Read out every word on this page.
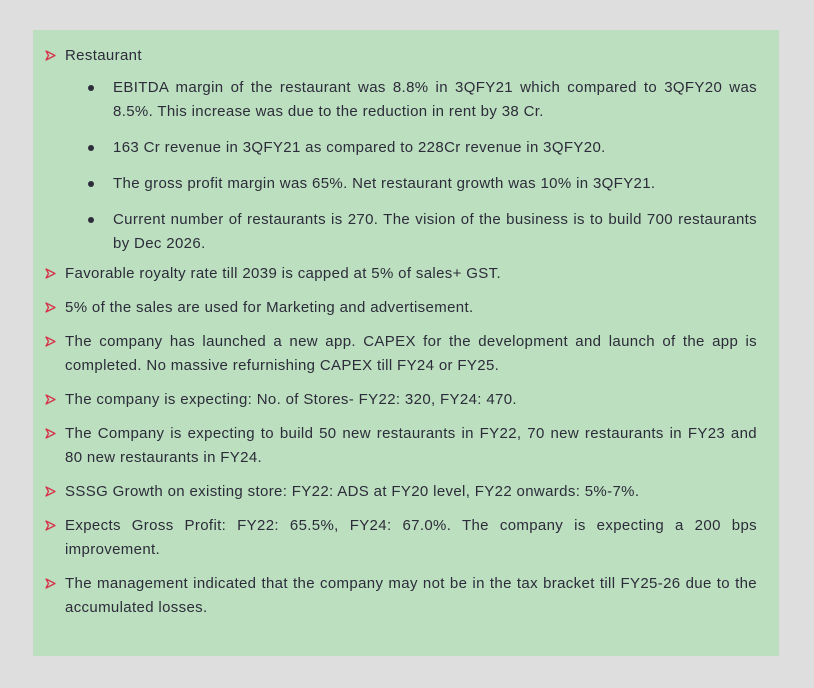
Restaurant
EBITDA margin of the restaurant was 8.8% in 3QFY21 which compared to 3QFY20 was 8.5%. This increase was due to the reduction in rent by 38 Cr.
163 Cr revenue in 3QFY21 as compared to 228Cr revenue in 3QFY20.
The gross profit margin was 65%. Net restaurant growth was 10% in 3QFY21.
Current number of restaurants is 270. The vision of the business is to build 700 restaurants by Dec 2026.
Favorable royalty rate till 2039 is capped at 5% of sales+ GST.
5% of the sales are used for Marketing and advertisement.
The company has launched a new app. CAPEX for the development and launch of the app is completed. No massive refurnishing CAPEX till FY24 or FY25.
The company is expecting: No. of Stores- FY22: 320, FY24: 470.
The Company is expecting to build 50 new restaurants in FY22, 70 new restaurants in FY23 and 80 new restaurants in FY24.
SSSG Growth on existing store: FY22: ADS at FY20 level, FY22 onwards: 5%-7%.
Expects Gross Profit: FY22: 65.5%, FY24: 67.0%. The company is expecting a 200 bps improvement.
The management indicated that the company may not be in the tax bracket till FY25-26 due to the accumulated losses.
